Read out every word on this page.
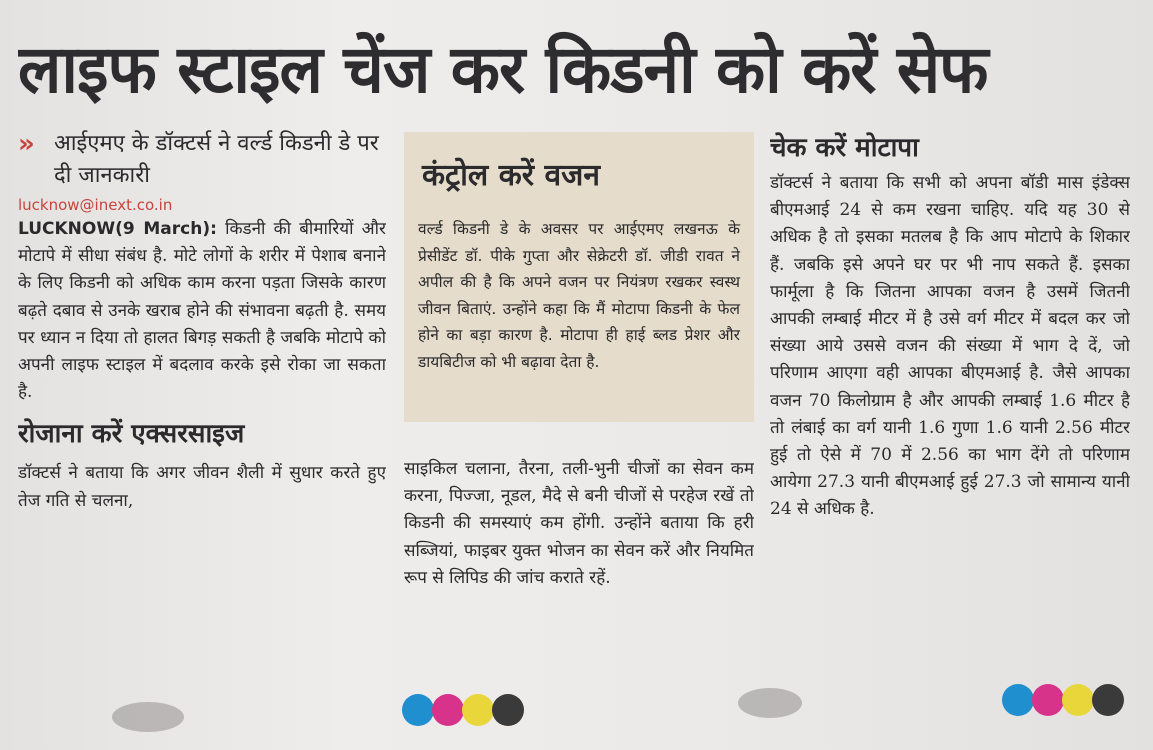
लाइफ स्टाइल चेंज कर किडनी को करें सेफ
» आईएमए के डॉक्टर्स ने वर्ल्ड किडनी डे पर दी जानकारी
lucknow@inext.co.in
LUCKNOW(9 March): किडनी की बीमारियों और मोटापे में सीधा संबंध है. मोटे लोगों के शरीर में पेशाब बनाने के लिए किडनी को अधिक काम करना पड़ता जिसके कारण बढ़ते दबाव से उनके खराब होने की संभावना बढ़ती है. समय पर ध्यान न दिया तो हालत बिगड़ सकती है जबकि मोटापे को अपनी लाइफ स्टाइल में बदलाव करके इसे रोका जा सकता है.
रोजाना करें एक्सरसाइज
डॉक्टर्स ने बताया कि अगर जीवन शैली में सुधार करते हुए तेज गति से चलना,
कंट्रोल करें वजन
वर्ल्ड किडनी डे के अवसर पर आईएमए लखनऊ के प्रेसीडेंट डॉ. पीके गुप्ता और सेक्रेटरी डॉ. जीडी रावत ने अपील की है कि अपने वजन पर नियंत्रण रखकर स्वस्थ जीवन बिताएं. उन्होंने कहा कि मैं मोटापा किडनी के फेल होने का बड़ा कारण है. मोटापा ही हाई ब्लड प्रेशर और डायबिटीज को भी बढ़ावा देता है.
साइकिल चलाना, तैरना, तली-भुनी चीजों का सेवन कम करना, पिज्जा, नूडल, मैदे से बनी चीजों से परहेज रखें तो किडनी की समस्याएं कम होंगी. उन्होंने बताया कि हरी सब्जियां, फाइबर युक्त भोजन का सेवन करें और नियमित रूप से लिपिड की जांच कराते रहें.
चेक करें मोटापा
डॉक्टर्स ने बताया कि सभी को अपना बॉडी मास इंडेक्स बीएमआई 24 से कम रखना चाहिए. यदि यह 30 से अधिक है तो इसका मतलब है कि आप मोटापे के शिकार हैं. जबकि इसे अपने घर पर भी नाप सकते हैं. इसका फार्मूला है कि जितना आपका वजन है उसमें जितनी आपकी लम्बाई मीटर में है उसे वर्ग मीटर में बदल कर जो संख्या आये उससे वजन की संख्या में भाग दे दें, जो परिणाम आएगा वही आपका बीएमआई है. जैसे आपका वजन 70 किलोग्राम है और आपकी लम्बाई 1.6 मीटर है तो लंबाई का वर्ग यानी 1.6 गुणा 1.6 यानी 2.56 मीटर हुई तो ऐसे में 70 में 2.56 का भाग देंगे तो परिणाम आयेगा 27.3 यानी बीएमआई हुई 27.3 जो सामान्य यानी 24 से अधिक है.
